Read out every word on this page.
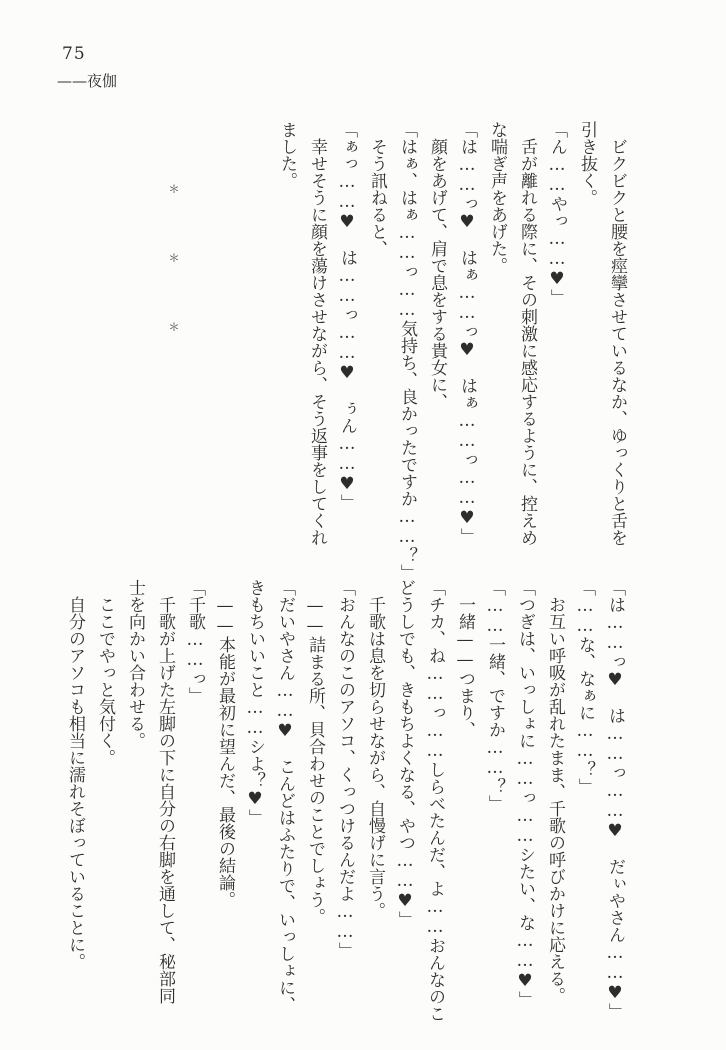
75
——夜伽

ビクビクと腰を痙攣させているなか、ゆっくりと舌を

引き抜く。

「ん……やっ……♥」

舌が離れる際に、その刺激に感応するように、控えめ

な喘ぎ声をあげた。

「は……っ♥　はぁ……っ♥　はぁ……っ……♥」

顔をあげて、肩で息をする貴女に、

「はぁ、はぁ……っ……気持ち、良かったですか……？」

そう訊ねると、

「ぁっ……♥　は……っ……♥　ぅん……♥」

幸せそうに顔を蕩けさせながら、そう返事をしてくれ

ました。

＊＊＊

「は……っ♥　は……っ……♥　だぃやさん……♥」

「……な、なぁに……？」

お互い呼吸が乱れたまま、千歌の呼びかけに応える。

「つぎは、いっしょに……っ……シたい、な……♥」

「……一緒、ですか……？」

一緒——つまり、

「チカ、ね……っ……しらべたんだ、よ……おんなのこ

どうしでも、きもちよくなる、やつ……♥」

千歌は息を切らせながら、自慢げに言う。

「おんなのこのアソコ、くっつけるんだよ……」

——詰まる所、貝合わせのことでしょう。

「だいやさん……♥　こんどはふたりで、いっしょに、

きもちいいこと……シよ？♥」

——本能が最初に望んだ、最後の結論。

「千歌……っ」

千歌が上げた左脚の下に自分の右脚を通して、秘部同

士を向かい合わせる。

ここでやっと気付く。

自分のアソコも相当に濡れそぼっていることに。
